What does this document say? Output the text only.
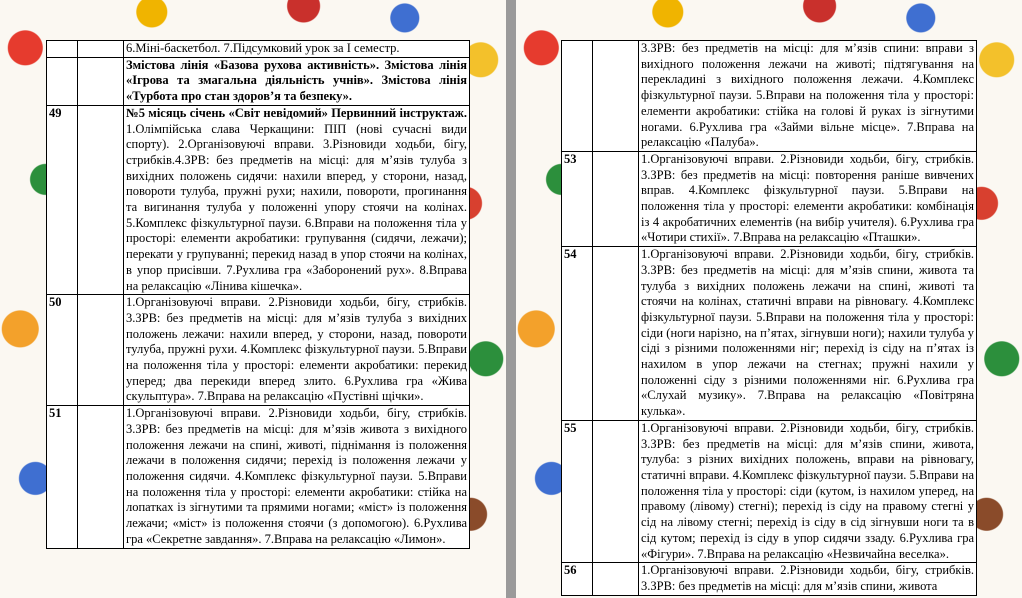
		6.Міні-баскетбол. 7.Підсумковий урок за I семестр.

		Змістова лінія «Базова рухова активність». Змістова лінія «Ігрова та змагальна діяльність учнів». Змістова лінія «Турбота про стан здоров’я та безпеку».
49		№5 місяць січень «Світ невідомий» Первинний інструктаж. 1.Олімпійська слава Черкащини: ПІП (нові сучасні види спорту). 2.Організовуючі вправи. 3.Різновиди ходьби, бігу, стрибків.4.ЗРВ: без предметів на місці: для м’язів тулуба з вихідних положень сидячи: нахили вперед, у сторони, назад, повороти тулуба, пружні рухи; нахили, повороти, прогинання та вигинання тулуба у положенні упору стоячи на колінах. 5.Комплекс фізкультурної паузи. 6.Вправи на положення тіла у просторі: елементи акробатики: групування (сидячи, лежачи); перекати у групуванні; перекид назад в упор стоячи на колінах, в упор присівши. 7.Рухлива гра «Заборонений рух». 8.Вправа на релаксацію «Лінива кішечка».
50		1.Організовуючі вправи. 2.Різновиди ходьби, бігу, стрибків. 3.ЗРВ: без предметів на місці: для м’язів тулуба з вихідних положень лежачи: нахили вперед, у сторони, назад, повороти тулуба, пружні рухи. 4.Комплекс фізкультурної паузи. 5.Вправи на положення тіла у просторі: елементи акробатики: перекид уперед; два перекиди вперед злито. 6.Рухлива гра «Жива скульптура». 7.Вправа на релаксацію «Пустівні щічки».
51		1.Організовуючі вправи. 2.Різновиди ходьби, бігу, стрибків. 3.ЗРВ: без предметів на місці: для м’язів живота з вихідного положення лежачи на спині, животі, піднімання із положення лежачи в положення сидячи; перехід із положення лежачи у положення сидячи. 4.Комплекс фізкультурної паузи. 5.Вправи на положення тіла у просторі: елементи акробатики: стійка на лопатках із зігнутими та прямими ногами; «міст» із положення лежачи; «міст» із положення стоячи (з допомогою). 6.Рухлива гра «Секретне завдання». 7.Вправа на релаксацію «Лимон».
		3.ЗРВ: без предметів на місці: для м’язів спини: вправи з вихідного положення лежачи на животі; підтягування на перекладині з вихідного положення лежачи. 4.Комплекс фізкультурної паузи. 5.Вправи на положення тіла у просторі: елементи акробатики: стійка на голові й руках із зігнутими ногами. 6.Рухлива гра «Займи вільне місце». 7.Вправа на релаксацію «Палуба».
53		1.Організовуючі вправи. 2.Різновиди ходьби, бігу, стрибків. 3.ЗРВ: без предметів на місці: повторення раніше вивчених вправ. 4.Комплекс фізкультурної паузи. 5.Вправи на положення тіла у просторі: елементи акробатики: комбінація із 4 акробатичних елементів (на вибір учителя). 6.Рухлива гра «Чотири стихії». 7.Вправа на релаксацію «Пташки».
54		1.Організовуючі вправи. 2.Різновиди ходьби, бігу, стрибків. 3.ЗРВ: без предметів на місці: для м’язів спини, живота та тулуба з вихідних положень лежачи на спині, животі та стоячи на колінах, статичні вправи на рівновагу. 4.Комплекс фізкультурної паузи. 5.Вправи на положення тіла у просторі: сіди (ноги нарізно, на п’ятах, зігнувши ноги); нахили тулуба у сіді з різними положеннями ніг; перехід із сіду на п’ятах із нахилом в упор лежачи на стегнах; пружні нахили у положенні сіду з різними положеннями ніг. 6.Рухлива гра «Слухай музику». 7.Вправа на релаксацію «Повітряна кулька».
55		1.Організовуючі вправи. 2.Різновиди ходьби, бігу, стрибків. 3.ЗРВ: без предметів на місці: для м’язів спини, живота, тулуба: з різних вихідних положень, вправи на рівновагу, статичні вправи. 4.Комплекс фізкультурної паузи. 5.Вправи на положення тіла у просторі: сіди (кутом, із нахилом уперед, на правому (лівому) стегні); перехід із сіду на правому стегні у сід на лівому стегні; перехід із сіду в сід зігнувши ноги та в сід кутом; перехід із сіду в упор сидячи ззаду. 6.Рухлива гра «Фігури». 7.Вправа на релаксацію «Незвичайна веселка».
56		1.Організовуючі вправи. 2.Різновиди ходьби, бігу, стрибків. 3.ЗРВ: без предметів на місці: для м’язів спини, живота
